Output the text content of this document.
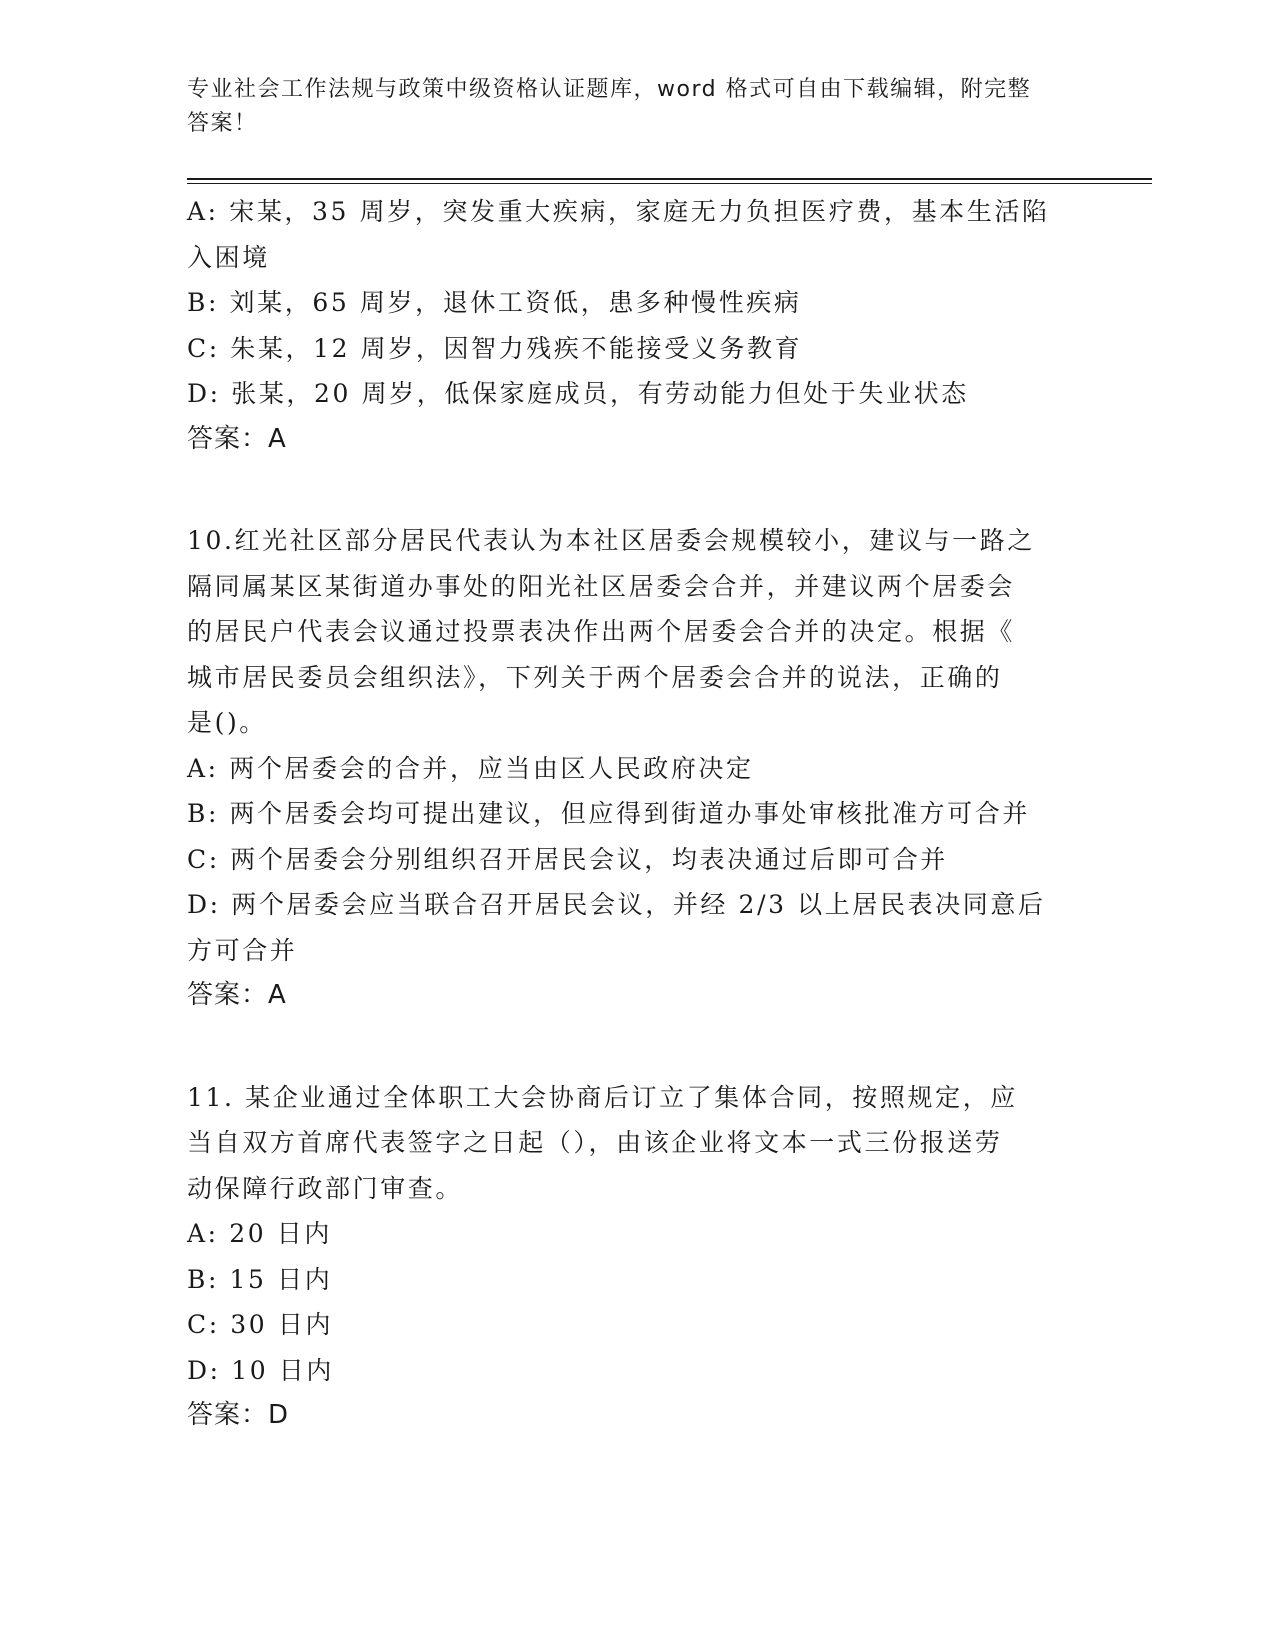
专业社会工作法规与政策中级资格认证题库，word 格式可自由下载编辑，附完整
答案！
A: 宋某，35 周岁，突发重大疾病，家庭无力负担医疗费，基本生活陷
入困境
B: 刘某，65 周岁，退休工资低，患多种慢性疾病
C: 朱某，12 周岁，因智力残疾不能接受义务教育
D: 张某，20 周岁，低保家庭成员，有劳动能力但处于失业状态
答案：A
10.红光社区部分居民代表认为本社区居委会规模较小，建议与一路之
隔同属某区某街道办事处的阳光社区居委会合并，并建议两个居委会
的居民户代表会议通过投票表决作出两个居委会合并的决定。根据《
城市居民委员会组织法》，下列关于两个居委会合并的说法，正确的
是()。
A: 两个居委会的合并，应当由区人民政府决定
B: 两个居委会均可提出建议，但应得到街道办事处审核批准方可合并
C: 两个居委会分别组织召开居民会议，均表决通过后即可合并
D: 两个居委会应当联合召开居民会议，并经 2/3 以上居民表决同意后
方可合并
答案：A
11. 某企业通过全体职工大会协商后订立了集体合同，按照规定，应
当自双方首席代表签字之日起（），由该企业将文本一式三份报送劳
动保障行政部门审查。
A: 20 日内
B: 15 日内
C: 30 日内
D: 10 日内
答案：D
